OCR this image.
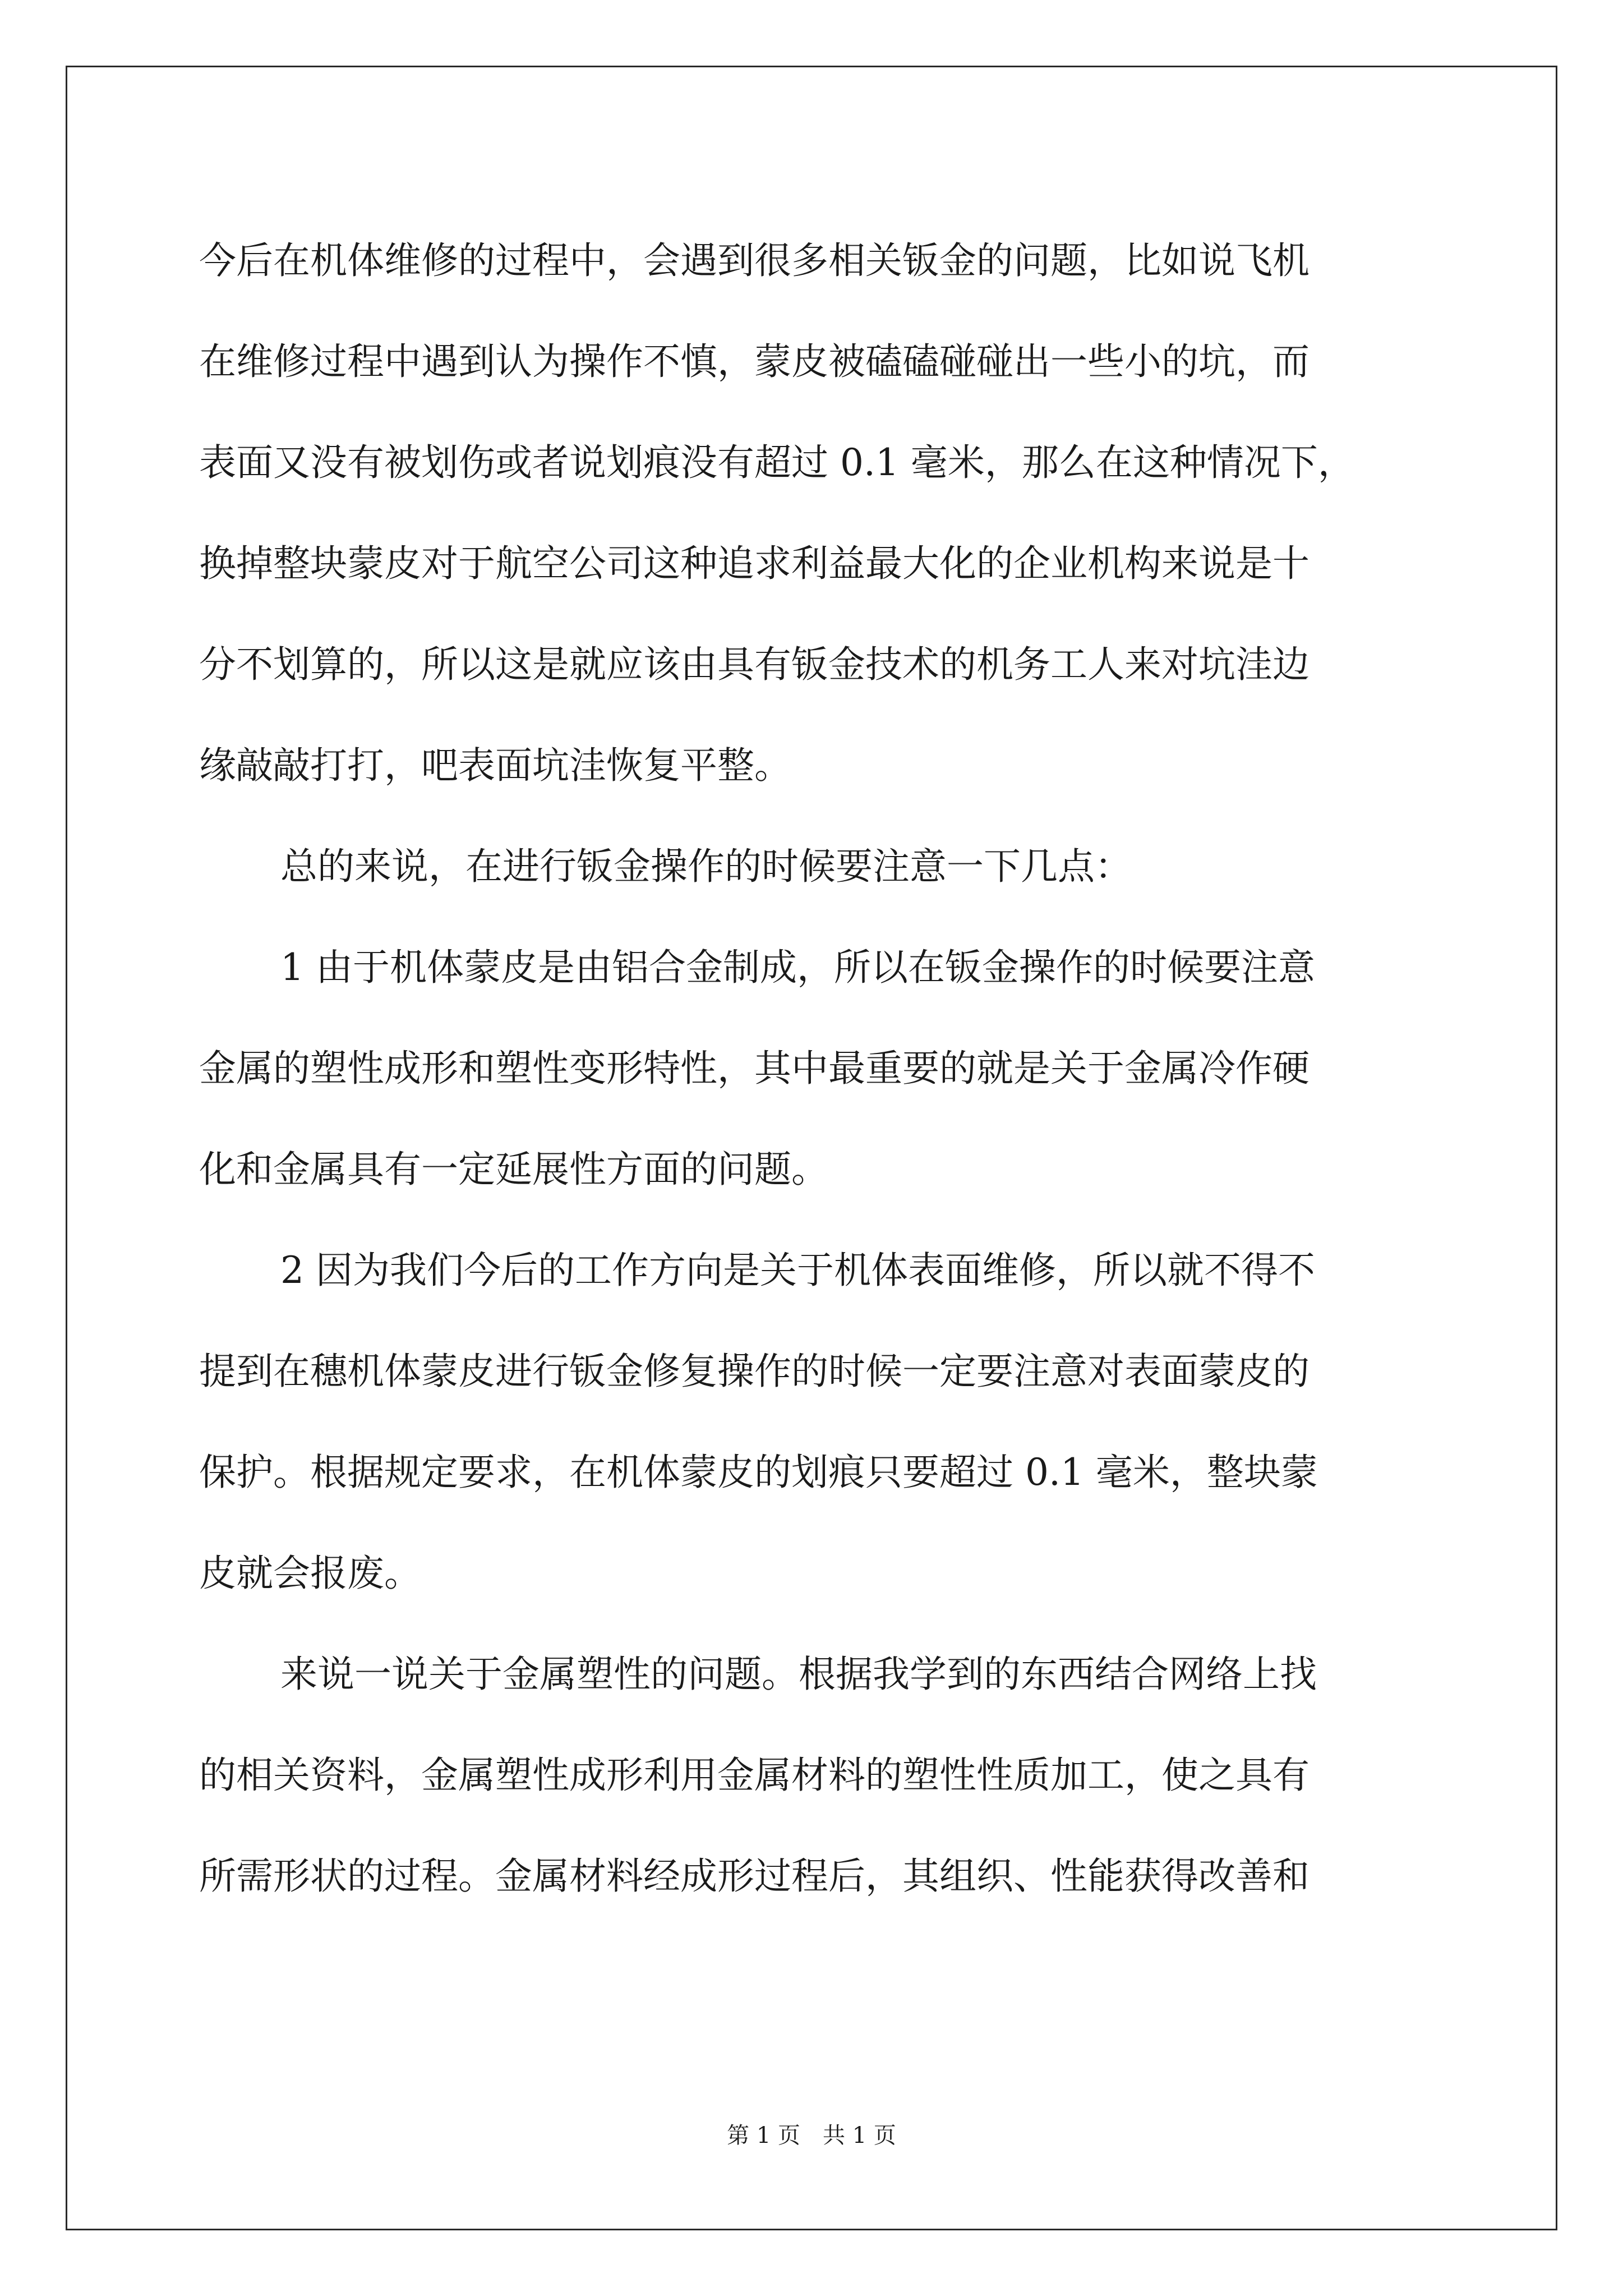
今后在机体维修的过程中，会遇到很多相关钣金的问题，比如说飞机
在维修过程中遇到认为操作不慎，蒙皮被磕磕碰碰出一些小的坑，而
表面又没有被划伤或者说划痕没有超过 0.1 毫米，那么在这种情况下，
换掉整块蒙皮对于航空公司这种追求利益最大化的企业机构来说是十
分不划算的，所以这是就应该由具有钣金技术的机务工人来对坑洼边
缘敲敲打打，吧表面坑洼恢复平整。
总的来说，在进行钣金操作的时候要注意一下几点：
1 由于机体蒙皮是由铝合金制成，所以在钣金操作的时候要注意
金属的塑性成形和塑性变形特性，其中最重要的就是关于金属冷作硬
化和金属具有一定延展性方面的问题。
2 因为我们今后的工作方向是关于机体表面维修，所以就不得不
提到在穗机体蒙皮进行钣金修复操作的时候一定要注意对表面蒙皮的
保护。根据规定要求，在机体蒙皮的划痕只要超过 0.1 毫米，整块蒙
皮就会报废。
来说一说关于金属塑性的问题。根据我学到的东西结合网络上找
的相关资料，金属塑性成形利用金属材料的塑性性质加工，使之具有
所需形状的过程。金属材料经成形过程后，其组织、性能获得改善和
第 1 页　共 1 页
